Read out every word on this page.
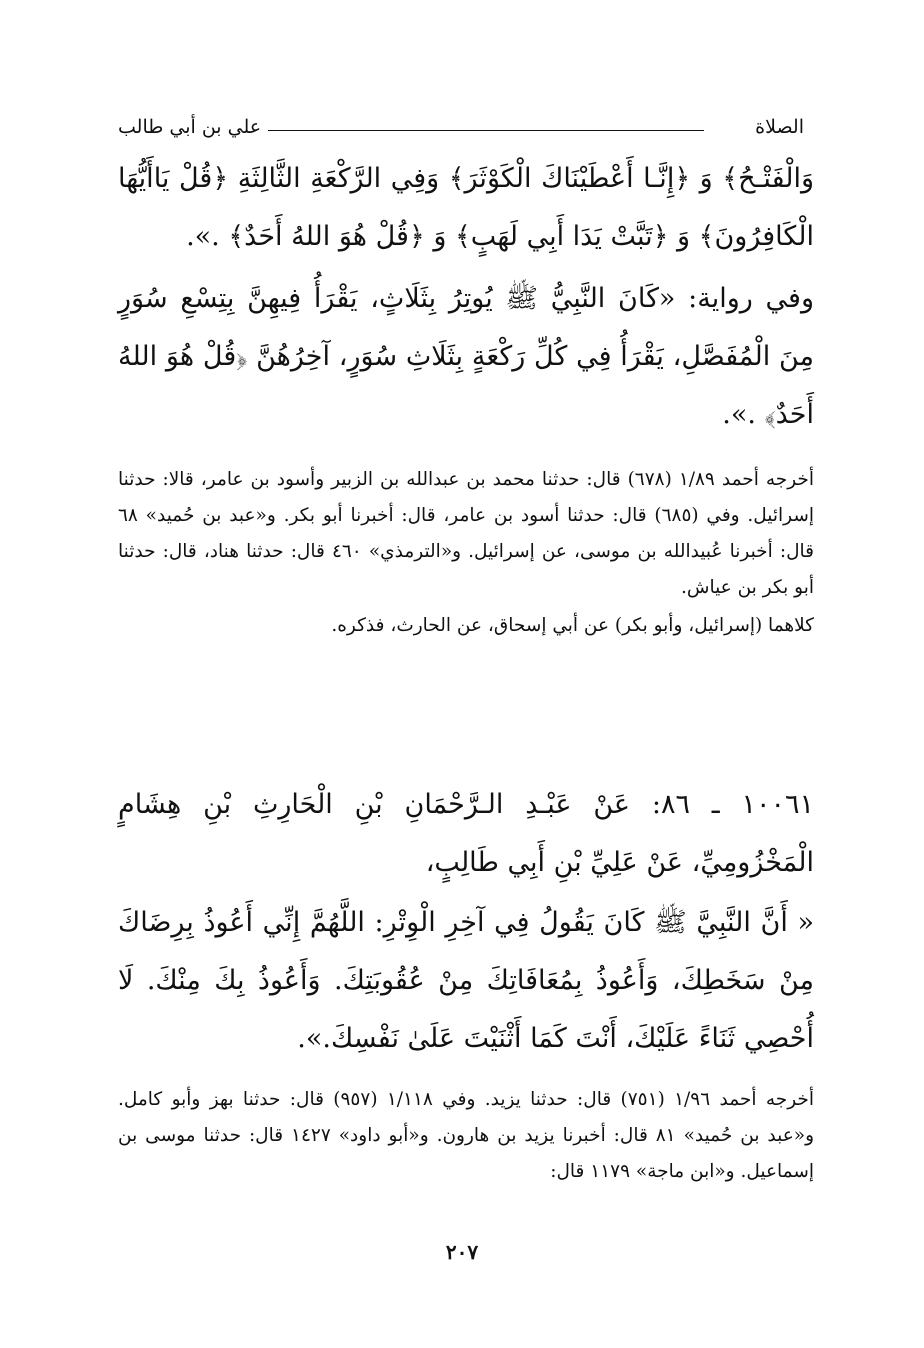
الصلاة
علي بن أبي طالب
وَالْفَتْـحُ﴾ وَ ﴿إِنَّـا أَعْطَيْنَاكَ الْكَوْثَرَ﴾ وَفِي الرَّكْعَةِ الثَّالِثَةِ ﴿قُلْ يَاأَيُّهَا الْكَافِرُونَ﴾ وَ ﴿تَبَّتْ يَدَا أَبِي لَهَبٍ﴾ وَ ﴿قُلْ هُوَ اللهُ أَحَدٌ﴾ .».
وفي رواية: «كَانَ النَّبِيُّ ﷺ يُوتِرُ بِثَلَاثٍ، يَقْرَأُ فِيهِنَّ بِتِسْعِ سُوَرٍ مِنَ الْمُفَصَّلِ، يَقْرَأُ فِي كُلِّ رَكْعَةٍ بِثَلَاثِ سُوَرٍ، آخِرُهُنَّ ﴿قُلْ هُوَ اللهُ أَحَدٌ﴾ .».
أخرجه أحمد ١/٨٩ (٦٧٨) قال: حدثنا محمد بن عبدالله بن الزبير وأسود بن عامر، قالا: حدثنا إسرائيل. وفي (٦٨٥) قال: حدثنا أسود بن عامر، قال: أخبرنا أبو بكر. و«عبد بن حُميد» ٦٨ قال: أخبرنا عُبيدالله بن موسى، عن إسرائيل. و«الترمذي» ٤٦٠ قال: حدثنا هناد، قال: حدثنا أبو بكر بن عياش.
كلاهما (إسرائيل، وأبو بكر) عن أبي إسحاق، عن الحارث، فذكره.
١٠٠٦١ ـ ٨٦: عَنْ عَبْـدِ الـرَّحْمَانِ بْنِ الْحَارِثِ بْنِ هِشَامٍ الْمَخْزُومِيِّ، عَنْ عَلِيِّ بْنِ أَبِي طَالِبٍ،
« أَنَّ النَّبِيَّ ﷺ كَانَ يَقُولُ فِي آخِرِ الْوِتْرِ: اللَّهُمَّ إِنِّي أَعُوذُ بِرِضَاكَ مِنْ سَخَطِكَ، وَأَعُوذُ بِمُعَافَاتِكَ مِنْ عُقُوبَتِكَ. وَأَعُوذُ بِكَ مِنْكَ. لَا أُحْصِي ثَنَاءً عَلَيْكَ، أَنْتَ كَمَا أَثْنَيْتَ عَلَىٰ نَفْسِكَ.».
أخرجه أحمد ١/٩٦ (٧٥١) قال: حدثنا يزيد. وفي ١/١١٨ (٩٥٧) قال: حدثنا بهز وأبو كامل. و«عبد بن حُميد» ٨١ قال: أخبرنا يزيد بن هارون. و«أبو داود» ١٤٢٧ قال: حدثنا موسى بن إسماعيل. و«ابن ماجة» ١١٧٩ قال:
٢٠٧
